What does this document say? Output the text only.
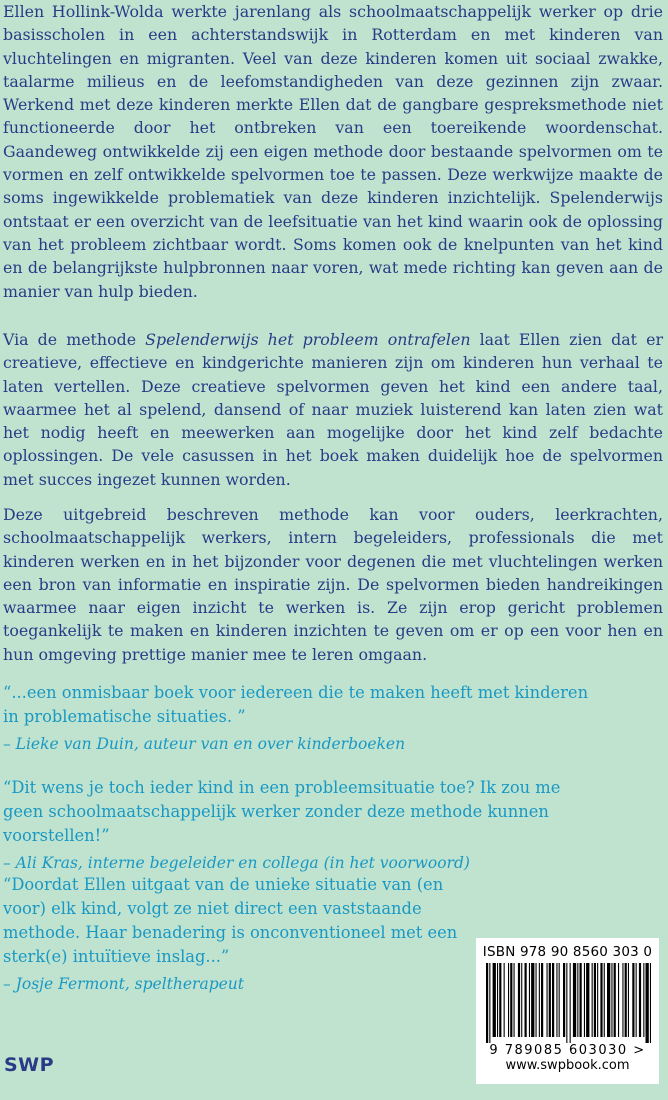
Ellen Hollink-Wolda werkte jarenlang als schoolmaatschappelijk werker op drie basisscholen in een achterstandswijk in Rotterdam en met kinderen van vluchtelingen en migranten. Veel van deze kinderen komen uit sociaal zwakke, taalarme milieus en de leefomstandigheden van deze gezinnen zijn zwaar. Werkend met deze kinderen merkte Ellen dat de gangbare gespreksmethode niet functioneerde door het ontbreken van een toereikende woordenschat. Gaandeweg ontwikkelde zij een eigen methode door bestaande spelvormen om te vormen en zelf ontwikkelde spelvormen toe te passen. Deze werkwijze maakte de soms ingewikkelde problematiek van deze kinderen inzichtelijk. Spelenderwijs ontstaat er een overzicht van de leefsituatie van het kind waarin ook de oplossing van het probleem zichtbaar wordt. Soms komen ook de knelpunten van het kind en de belangrijkste hulpbronnen naar voren, wat mede richting kan geven aan de manier van hulp bieden.

Via de methode Spelenderwijs het probleem ontrafelen laat Ellen zien dat er creatieve, effectieve en kindgerichte manieren zijn om kinderen hun verhaal te laten vertellen. Deze creatieve spelvormen geven het kind een andere taal, waarmee het al spelend, dansend of naar muziek luisterend kan laten zien wat het nodig heeft en meewerken aan mogelijke door het kind zelf bedachte oplossingen. De vele casussen in het boek maken duidelijk hoe de spelvormen met succes ingezet kunnen worden.

Deze uitgebreid beschreven methode kan voor ouders, leerkrachten, schoolmaatschappelijk werkers, intern begeleiders, professionals die met kinderen werken en in het bijzonder voor degenen die met vluchtelingen werken een bron van informatie en inspiratie zijn. De spelvormen bieden handreikingen waarmee naar eigen inzicht te werken is. Ze zijn erop gericht problemen toegankelijk te maken en kinderen inzichten te geven om er op een voor hen en hun omgeving prettige manier mee te leren omgaan.

“...een onmisbaar boek voor iedereen die te maken heeft met kinderen in problematische situaties. ”

– Lieke van Duin, auteur van en over kinderboeken

“Dit wens je toch ieder kind in een probleemsituatie toe? Ik zou me geen schoolmaatschappelijk werker zonder deze methode kunnen voorstellen!”

– Ali Kras, interne begeleider en collega (in het voorwoord)

“Doordat Ellen uitgaat van de unieke situatie van (en voor) elk kind, volgt ze niet direct een vaststaande methode. Haar benadering is onconventioneel met een sterk(e) intuïtieve inslag...”

– Josje Fermont, speltherapeut

SWP
ISBN 978 90 8560 303 0
9 789085 603030 >
www.swpbook.com
